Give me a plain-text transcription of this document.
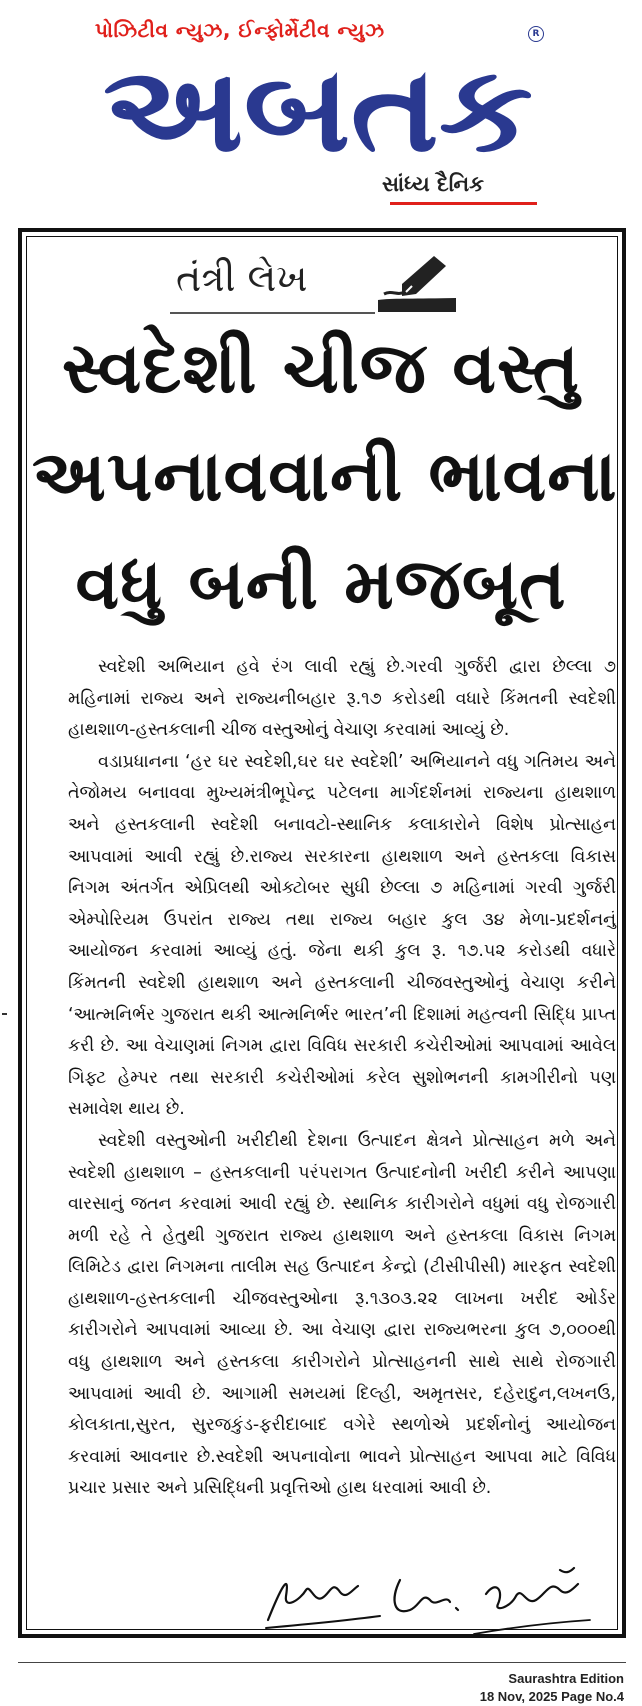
પોઝિટીવ ન્યુઝ, ઈન્ફોર્મેટીવ ન્યુઝ	R
અબતક
સાંધ્ય દૈનિક
તંત્રી લેખ
સ્વદેશી ચીજ વસ્તુ
અપનાવવાની ભાવના
વધુ બની મજબૂત

સ્વદેશી અભિયાન હવે રંગ લાવી રહ્યું છે.ગરવી ગુર્જરી દ્વારા છેલ્લા ૭ મહિનામાં રાજ્ય અને રાજ્યનીબહાર રૂ.૧૭ કરોડથી વધારે કિંમતની સ્વદેશી હાથશાળ-હસ્તકલાની ચીજ વસ્તુઓનું વેચાણ કરવામાં આવ્યું છે.

વડાપ્રધાનના ‘હર ઘર સ્વદેશી,ઘર ઘર સ્વદેશી’ અભિયાનને વધુ ગતિમય અને તેજોમય બનાવવા મુખ્યમંત્રીભૂપેન્દ્ર પટેલના માર્ગદર્શનમાં રાજ્યના હાથશાળ અને હસ્તકલાની સ્વદેશી બનાવટો-સ્થાનિક કલાકારોને વિશેષ પ્રોત્સાહન આપવામાં આવી રહ્યું છે.રાજ્ય સરકારના હાથશાળ અને હસ્તકલા વિકાસ નિગમ અંતર્ગત એપ્રિલથી ઓક્ટોબર સુધી છેલ્લા ૭ મહિનામાં ગરવી ગુર્જરી એમ્પોરિયમ ઉપરાંત રાજ્ય તથા રાજ્ય બહાર કુલ ૩૪ મેળા-પ્રદર્શનનું આયોજન કરવામાં આવ્યું હતું. જેના થકી કુલ રૂ. ૧૭.૫૨ કરોડથી વધારે કિંમતની સ્વદેશી હાથશાળ અને હસ્તકલાની ચીજવસ્તુઓનું વેચાણ કરીને ‘આત્મનિર્ભર ગુજરાત થકી આત્મનિર્ભર ભારત’ની દિશામાં મહત્વની સિદ્ધિ પ્રાપ્ત કરી છે. આ વેચાણમાં નિગમ દ્વારા વિવિધ સરકારી કચેરીઓમાં આપવામાં આવેલ ગિફ્ટ હેમ્પર તથા સરકારી કચેરીઓમાં કરેલ સુશોભનની કામગીરીનો પણ સમાવેશ થાય છે.

સ્વદેશી વસ્તુઓની ખરીદીથી દેશના ઉત્પાદન ક્ષેત્રને પ્રોત્સાહન મળે અને સ્વદેશી હાથશાળ – હસ્તકલાની પરંપરાગત ઉત્પાદનોની ખરીદી કરીને આપણા વારસાનું જતન કરવામાં આવી રહ્યું છે. સ્થાનિક કારીગરોને વધુમાં વધુ રોજગારી મળી રહે તે હેતુથી ગુજરાત રાજ્ય હાથશાળ અને હસ્તકલા વિકાસ નિગમ લિમિટેડ દ્વારા નિગમના તાલીમ સહ ઉત્પાદન કેન્દ્રો (ટીસીપીસી) મારફત સ્વદેશી હાથશાળ-હસ્તકલાની ચીજવસ્તુઓના રૂ.૧૩૦૩.૨૨ લાખના ખરીદ ઓર્ડર કારીગરોને આપવામાં આવ્યા છે. આ વેચાણ દ્વારા રાજ્યભરના કુલ ૭,૦૦૦થી વધુ હાથશાળ અને હસ્તકલા કારીગરોને પ્રોત્સાહનની સાથે સાથે રોજગારી આપવામાં આવી છે. આગામી સમયમાં દિલ્હી, અમૃતસર, દહેરાદુન,લખનઉ, કોલકાતા,સુરત, સુરજકુંડ-ફરીદાબાદ વગેરે સ્થળોએ પ્રદર્શનોનું આયોજન કરવામાં આવનાર છે.સ્વદેશી અપનાવોના ભાવને પ્રોત્સાહન આપવા માટે વિવિધ પ્રચાર પ્રસાર અને પ્રસિદ્ધિની પ્રવૃત્તિઓ હાથ ધરવામાં આવી છે.

સતીષ કે. મહેતા
Saurashtra Edition
18 Nov, 2025 Page No.4
